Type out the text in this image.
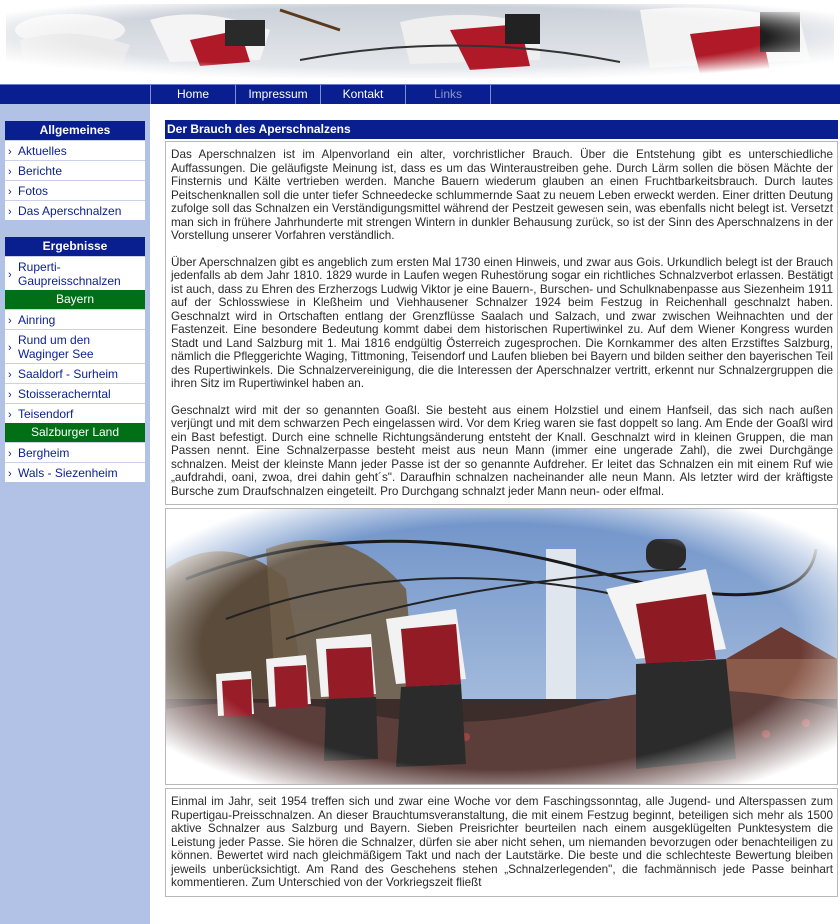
Home	Impressum	Kontakt	Links
Allgemeines
› Aktuelles
› Berichte
› Fotos
› Das Aperschnalzen
Ergebnisse
›
Ruperti-Gaupreisschnalzen
Bayern
› Ainring
›
Rund um den Waginger See
› Saaldorf - Surheim
› Stoisseracherntal
› Teisendorf
Salzburger Land
› Bergheim
› Wals - Siezenheim
Der Brauch des Aperschnalzens

Das Aperschnalzen ist im Alpenvorland ein alter, vorchristlicher Brauch. Über die Entstehung gibt es unterschiedliche Auffassungen. Die geläufigste Meinung ist, dass es um das Winteraustreiben gehe. Durch Lärm sollen die bösen Mächte der Finsternis und Kälte vertrieben werden. Manche Bauern wiederum glauben an einen Fruchtbarkeitsbrauch. Durch lautes Peitschenknallen soll die unter tiefer Schneedecke schlummernde Saat zu neuem Leben erweckt werden. Einer dritten Deutung zufolge soll das Schnalzen ein Verständigungsmittel während der Pestzeit gewesen sein, was ebenfalls nicht belegt ist. Versetzt man sich in frühere Jahrhunderte mit strengen Wintern in dunkler Behausung zurück, so ist der Sinn des Aperschnalzens in der Vorstellung unserer Vorfahren verständlich.

Über Aperschnalzen gibt es angeblich zum ersten Mal 1730 einen Hinweis, und zwar aus Gois. Urkundlich belegt ist der Brauch jedenfalls ab dem Jahr 1810. 1829 wurde in Laufen wegen Ruhestörung sogar ein richtliches Schnalzverbot erlassen. Bestätigt ist auch, dass zu Ehren des Erzherzogs Ludwig Viktor je eine Bauern-, Burschen- und Schulknabenpasse aus Siezenheim 1911 auf der Schlosswiese in Kleßheim und Viehhausener Schnalzer 1924 beim Festzug in Reichenhall geschnalzt haben. Geschnalzt wird in Ortschaften entlang der Grenzflüsse Saalach und Salzach, und zwar zwischen Weihnachten und der Fastenzeit. Eine besondere Bedeutung kommt dabei dem historischen Rupertiwinkel zu. Auf dem Wiener Kongress wurden Stadt und Land Salzburg mit 1. Mai 1816 endgültig Österreich zugesprochen. Die Kornkammer des alten Erzstiftes Salzburg, nämlich die Pfleggerichte Waging, Tittmoning, Teisendorf und Laufen blieben bei Bayern und bilden seither den bayerischen Teil des Rupertiwinkels. Die Schnalzervereinigung, die die Interessen der Aperschnalzer vertritt, erkennt nur Schnalzergruppen die ihren Sitz im Rupertiwinkel haben an.

Geschnalzt wird mit der so genannten Goaßl. Sie besteht aus einem Holzstiel und einem Hanfseil, das sich nach außen verjüngt und mit dem schwarzen Pech eingelassen wird. Vor dem Krieg waren sie fast doppelt so lang. Am Ende der Goaßl wird ein Bast befestigt. Durch eine schnelle Richtungsänderung entsteht der Knall. Geschnalzt wird in kleinen Gruppen, die man Passen nennt. Eine Schnalzerpasse besteht meist aus neun Mann (immer eine ungerade Zahl), die zwei Durchgänge schnalzen. Meist der kleinste Mann jeder Passe ist der so genannte Aufdreher. Er leitet das Schnalzen ein mit einem Ruf wie „aufdrahdi, oani, zwoa, drei dahin geht´s". Daraufhin schnalzen nacheinander alle neun Mann. Als letzter wird der kräftigste Bursche zum Draufschnalzen eingeteilt. Pro Durchgang schnalzt jeder Mann neun- oder elfmal.

Einmal im Jahr, seit 1954 treffen sich und zwar eine Woche vor dem Faschingssonntag, alle Jugend- und Alterspassen zum Rupertigau-Preisschnalzen. An dieser Brauchtumsveranstaltung, die mit einem Festzug beginnt, beteiligen sich mehr als 1500 aktive Schnalzer aus Salzburg und Bayern. Sieben Preisrichter beurteilen nach einem ausgeklügelten Punktesystem die Leistung jeder Passe. Sie hören die Schnalzer, dürfen sie aber nicht sehen, um niemanden bevorzugen oder benachteiligen zu können. Bewertet wird nach gleichmäßigem Takt und nach der Lautstärke. Die beste und die schlechteste Bewertung bleiben jeweils unberücksichtigt. Am Rand des Geschehens stehen „Schnalzerlegenden", die fachmännisch jede Passe beinhart kommentieren. Zum Unterschied von der Vorkriegszeit fließt
